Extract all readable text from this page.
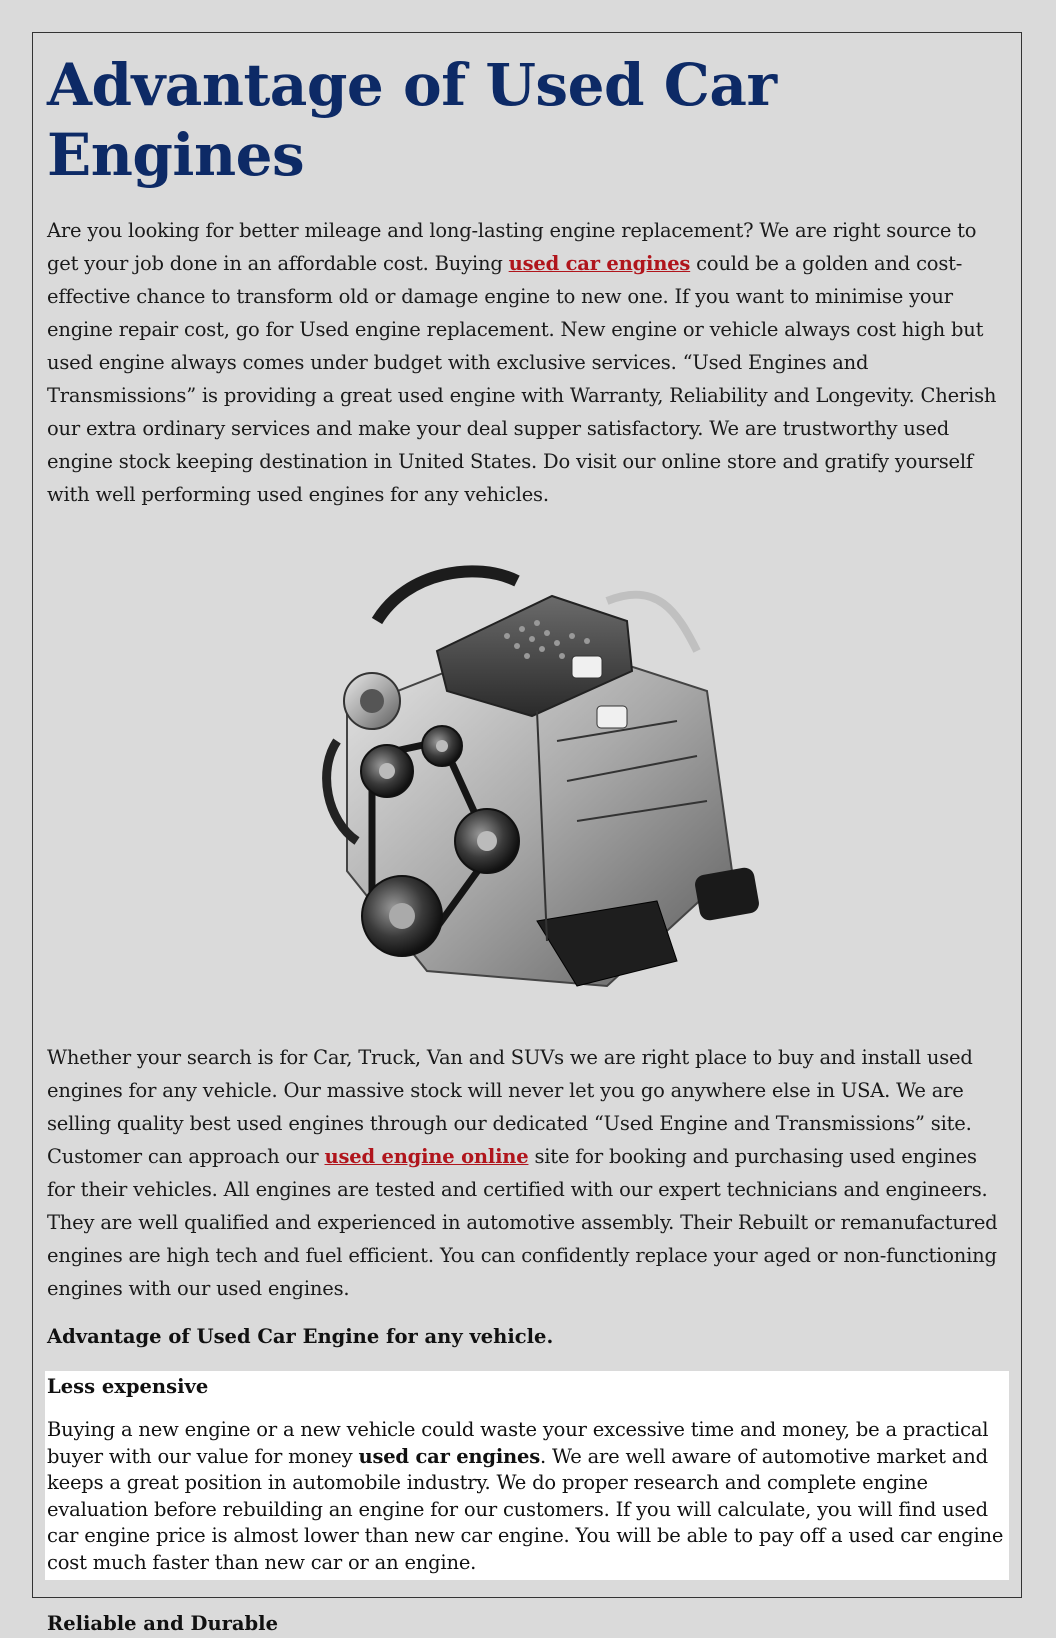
Advantage of Used Car Engines

Are you looking for better mileage and long-lasting engine replacement? We are right source to get your job done in an affordable cost. Buying used car engines could be a golden and cost-effective chance to transform old or damage engine to new one. If you want to minimise your engine repair cost, go for Used engine replacement. New engine or vehicle always cost high but used engine always comes under budget with exclusive services. “Used Engines and Transmissions” is providing a great used engine with Warranty, Reliability and Longevity. Cherish our extra ordinary services and make your deal supper satisfactory. We are trustworthy used engine stock keeping destination in United States. Do visit our online store and gratify yourself with well performing used engines for any vehicles.

Whether your search is for Car, Truck, Van and SUVs we are right place to buy and install used engines for any vehicle. Our massive stock will never let you go anywhere else in USA. We are selling quality best used engines through our dedicated “Used Engine and Transmissions” site. Customer can approach our used engine online site for booking and purchasing used engines for their vehicles. All engines are tested and certified with our expert technicians and engineers. They are well qualified and experienced in automotive assembly. Their Rebuilt or remanufactured engines are high tech and fuel efficient. You can confidently replace your aged or non-functioning engines with our used engines.

Advantage of Used Car Engine for any vehicle.
Less expensive
Buying a new engine or a new vehicle could waste your excessive time and money, be a practical buyer with our value for money used car engines. We are well aware of automotive market and keeps a great position in automobile industry. We do proper research and complete engine evaluation before rebuilding an engine for our customers. If you will calculate, you will find used car engine price is almost lower than new car engine. You will be able to pay off a used car engine cost much faster than new car or an engine.
Reliable and Durable
